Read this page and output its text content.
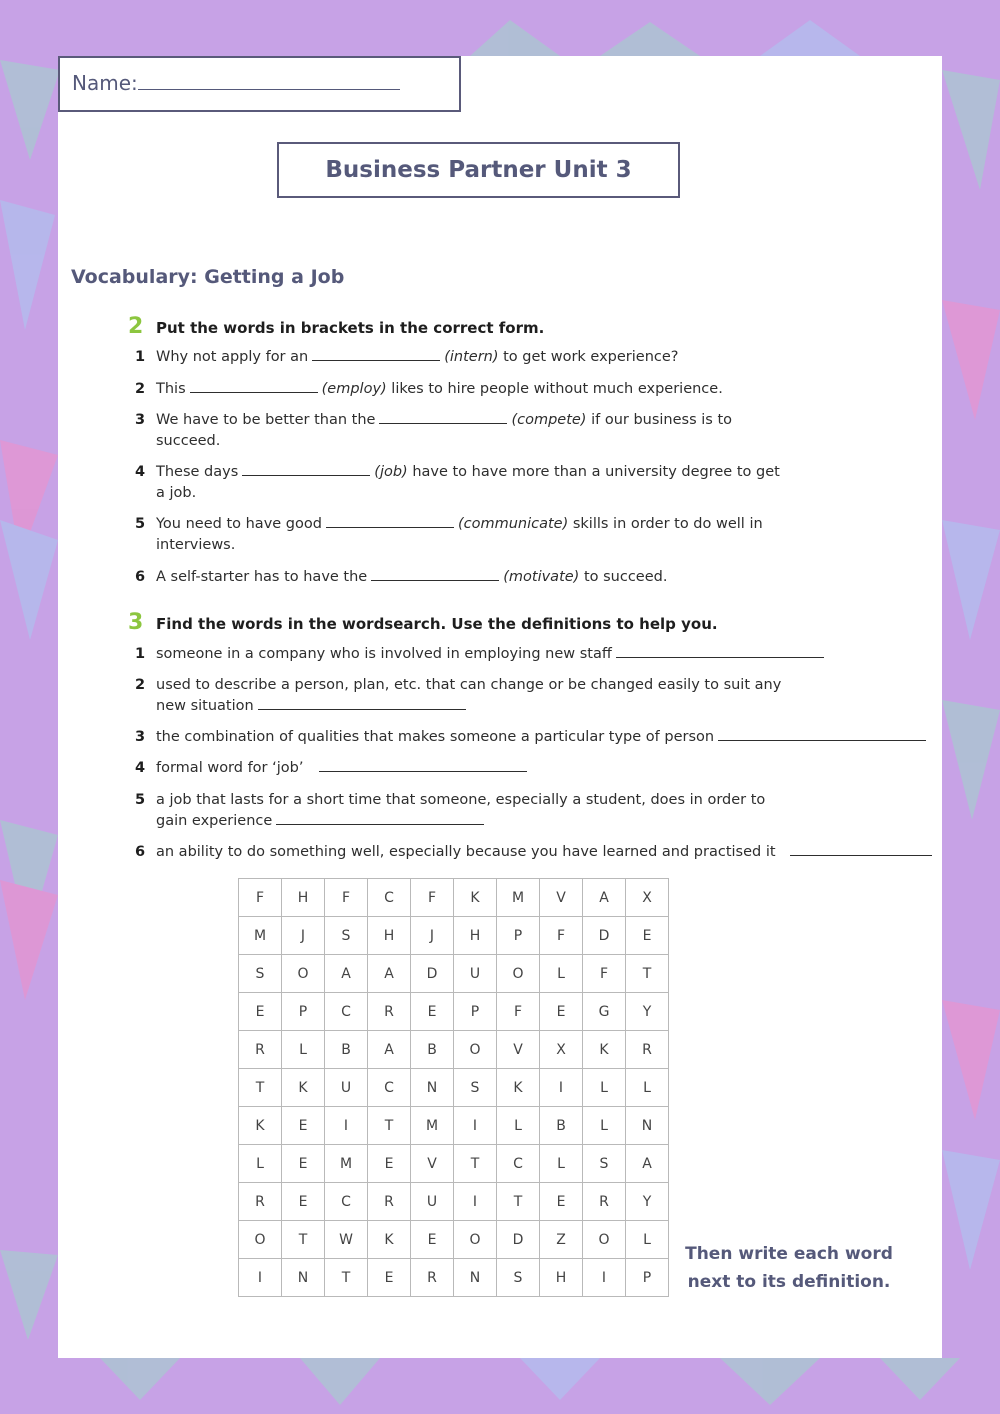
Name:
Business Partner Unit 3
Vocabulary: Getting a Job
2 Put the words in brackets in the correct form.
1 Why not apply for an	(intern) to get work experience?
2 This	(employ) likes to hire people without much experience.
3 We have to be better than the	(compete) if our business is to succeed.
4 These days	(job) have to have more than a university degree to get a job.
5 You need to have good	(communicate) skills in order to do well in interviews.
6 A self-starter has to have the	(motivate) to succeed.
3 Find the words in the wordsearch. Use the definitions to help you.
1 someone in a company who is involved in employing new staff
2 used to describe a person, plan, etc. that can change or be changed easily to suit any new situation
3 the combination of qualities that makes someone a particular type of person
4 formal word for ‘job’
5 a job that lasts for a short time that someone, especially a student, does in order to gain experience
6 an ability to do something well, especially because you have learned and practised it
F	H	F	C	F	K	M	V	A	X
M	J	S	H	J	H	P	F	D	E
S	O	A	A	D	U	O	L	F	T
E	P	C	R	E	P	F	E	G	Y
R	L	B	A	B	O	V	X	K	R
T	K	U	C	N	S	K	I	L	L
K	E	I	T	M	I	L	B	L	N
L	E	M	E	V	T	C	L	S	A
R	E	C	R	U	I	T	E	R	Y
O	T	W	K	E	O	D	Z	O	L
I	N	T	E	R	N	S	H	I	P
Then write each word
next to its definition.
